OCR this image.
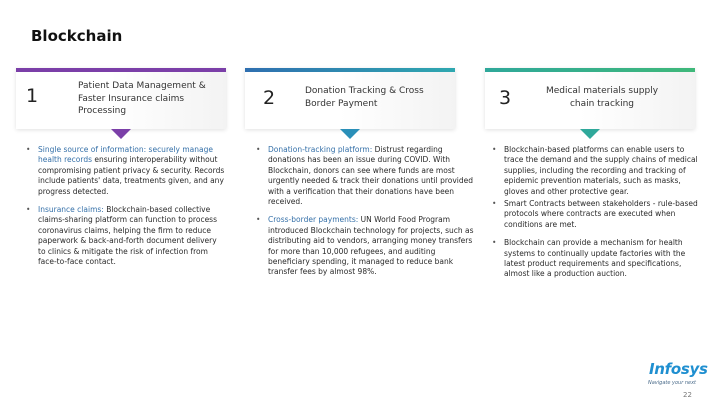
Blockchain
1	Patient Data Management & Faster Insurance claims Processing
2	Donation Tracking & Cross Border Payment	3	Medical materials supply chain tracking
• Single source of information: securely manage health records ensuring interoperability without compromising patient privacy & security. Records include patients' data, treatments given, and any progress detected.
• Insurance claims: Blockchain-based collective claims-sharing platform can function to process coronavirus claims, helping the firm to reduce paperwork & back-and-forth document delivery to clinics & mitigate the risk of infection from face-to-face contact.
• Donation-tracking platform: Distrust regarding donations has been an issue during COVID. With Blockchain, donors can see where funds are most urgently needed & track their donations until provided with a verification that their donations have been received.
• Cross-border payments: UN World Food Program introduced Blockchain technology for projects, such as distributing aid to vendors, arranging money transfers for more than 10,000 refugees, and auditing beneficiary spending, it managed to reduce bank transfer fees by almost 98%.
• Blockchain-based platforms can enable users to trace the demand and the supply chains of medical supplies, including the recording and tracking of epidemic prevention materials, such as masks, gloves and other protective gear.
• Smart Contracts between stakeholders - rule-based protocols where contracts are executed when conditions are met.
• Blockchain can provide a mechanism for health systems to continually update factories with the latest product requirements and specifications, almost like a production auction.
Infosys
Navigate your next
22
